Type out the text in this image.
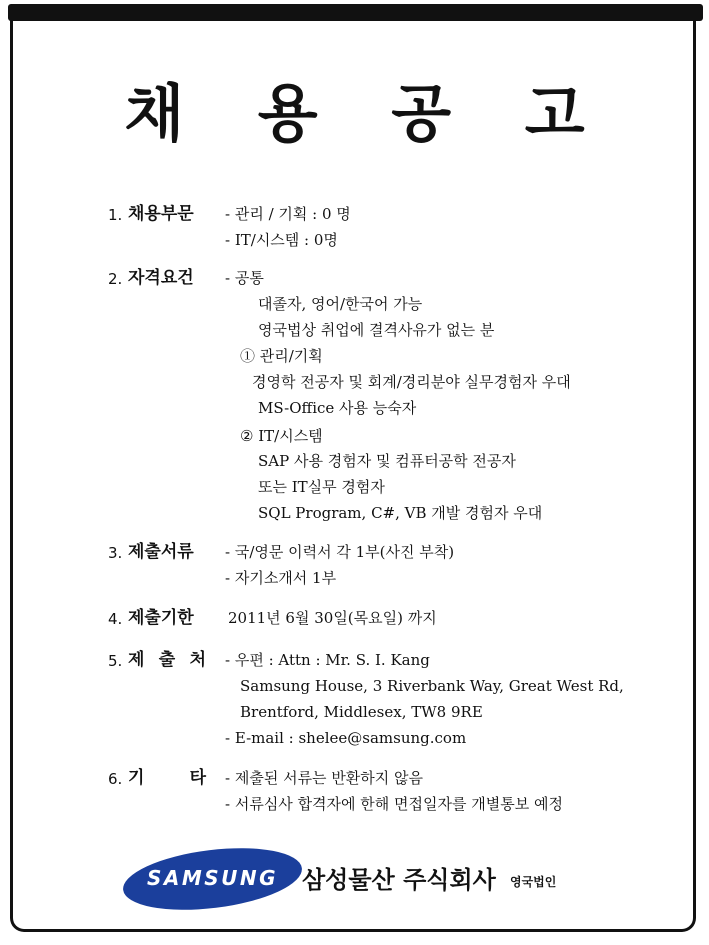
채 용 공 고
1. 채용부문 - 관리 / 기획 : 0 명
- IT/시스템 : 0명
2. 자격요건 - 공통
대졸자, 영어/한국어 가능
영국법상 취업에 결격사유가 없는 분
① 관리/기획
경영학 전공자 및 회계/경리분야 실무경험자 우대
MS-Office 사용 능숙자
② IT/시스템
SAP 사용 경험자 및 컴퓨터공학 전공자
또는 IT실무 경험자
SQL Program, C#, VB 개발 경험자 우대
3. 제출서류 - 국/영문 이력서 각 1부(사진 부착)
- 자기소개서 1부
4. 제출기한 2011년 6월 30일(목요일) 까지
5. 제 출 처 - 우편 : Attn : Mr. S. I. Kang
Samsung House, 3 Riverbank Way, Great West Rd,
Brentford, Middlesex, TW8 9RE
- E-mail : shelee@samsung.com
6. 기	타 - 제출된 서류는 반환하지 않음
- 서류심사 합격자에 한해 면접일자를 개별통보 예정
SAMSUNG 삼성물산 주식회사 영국법인
